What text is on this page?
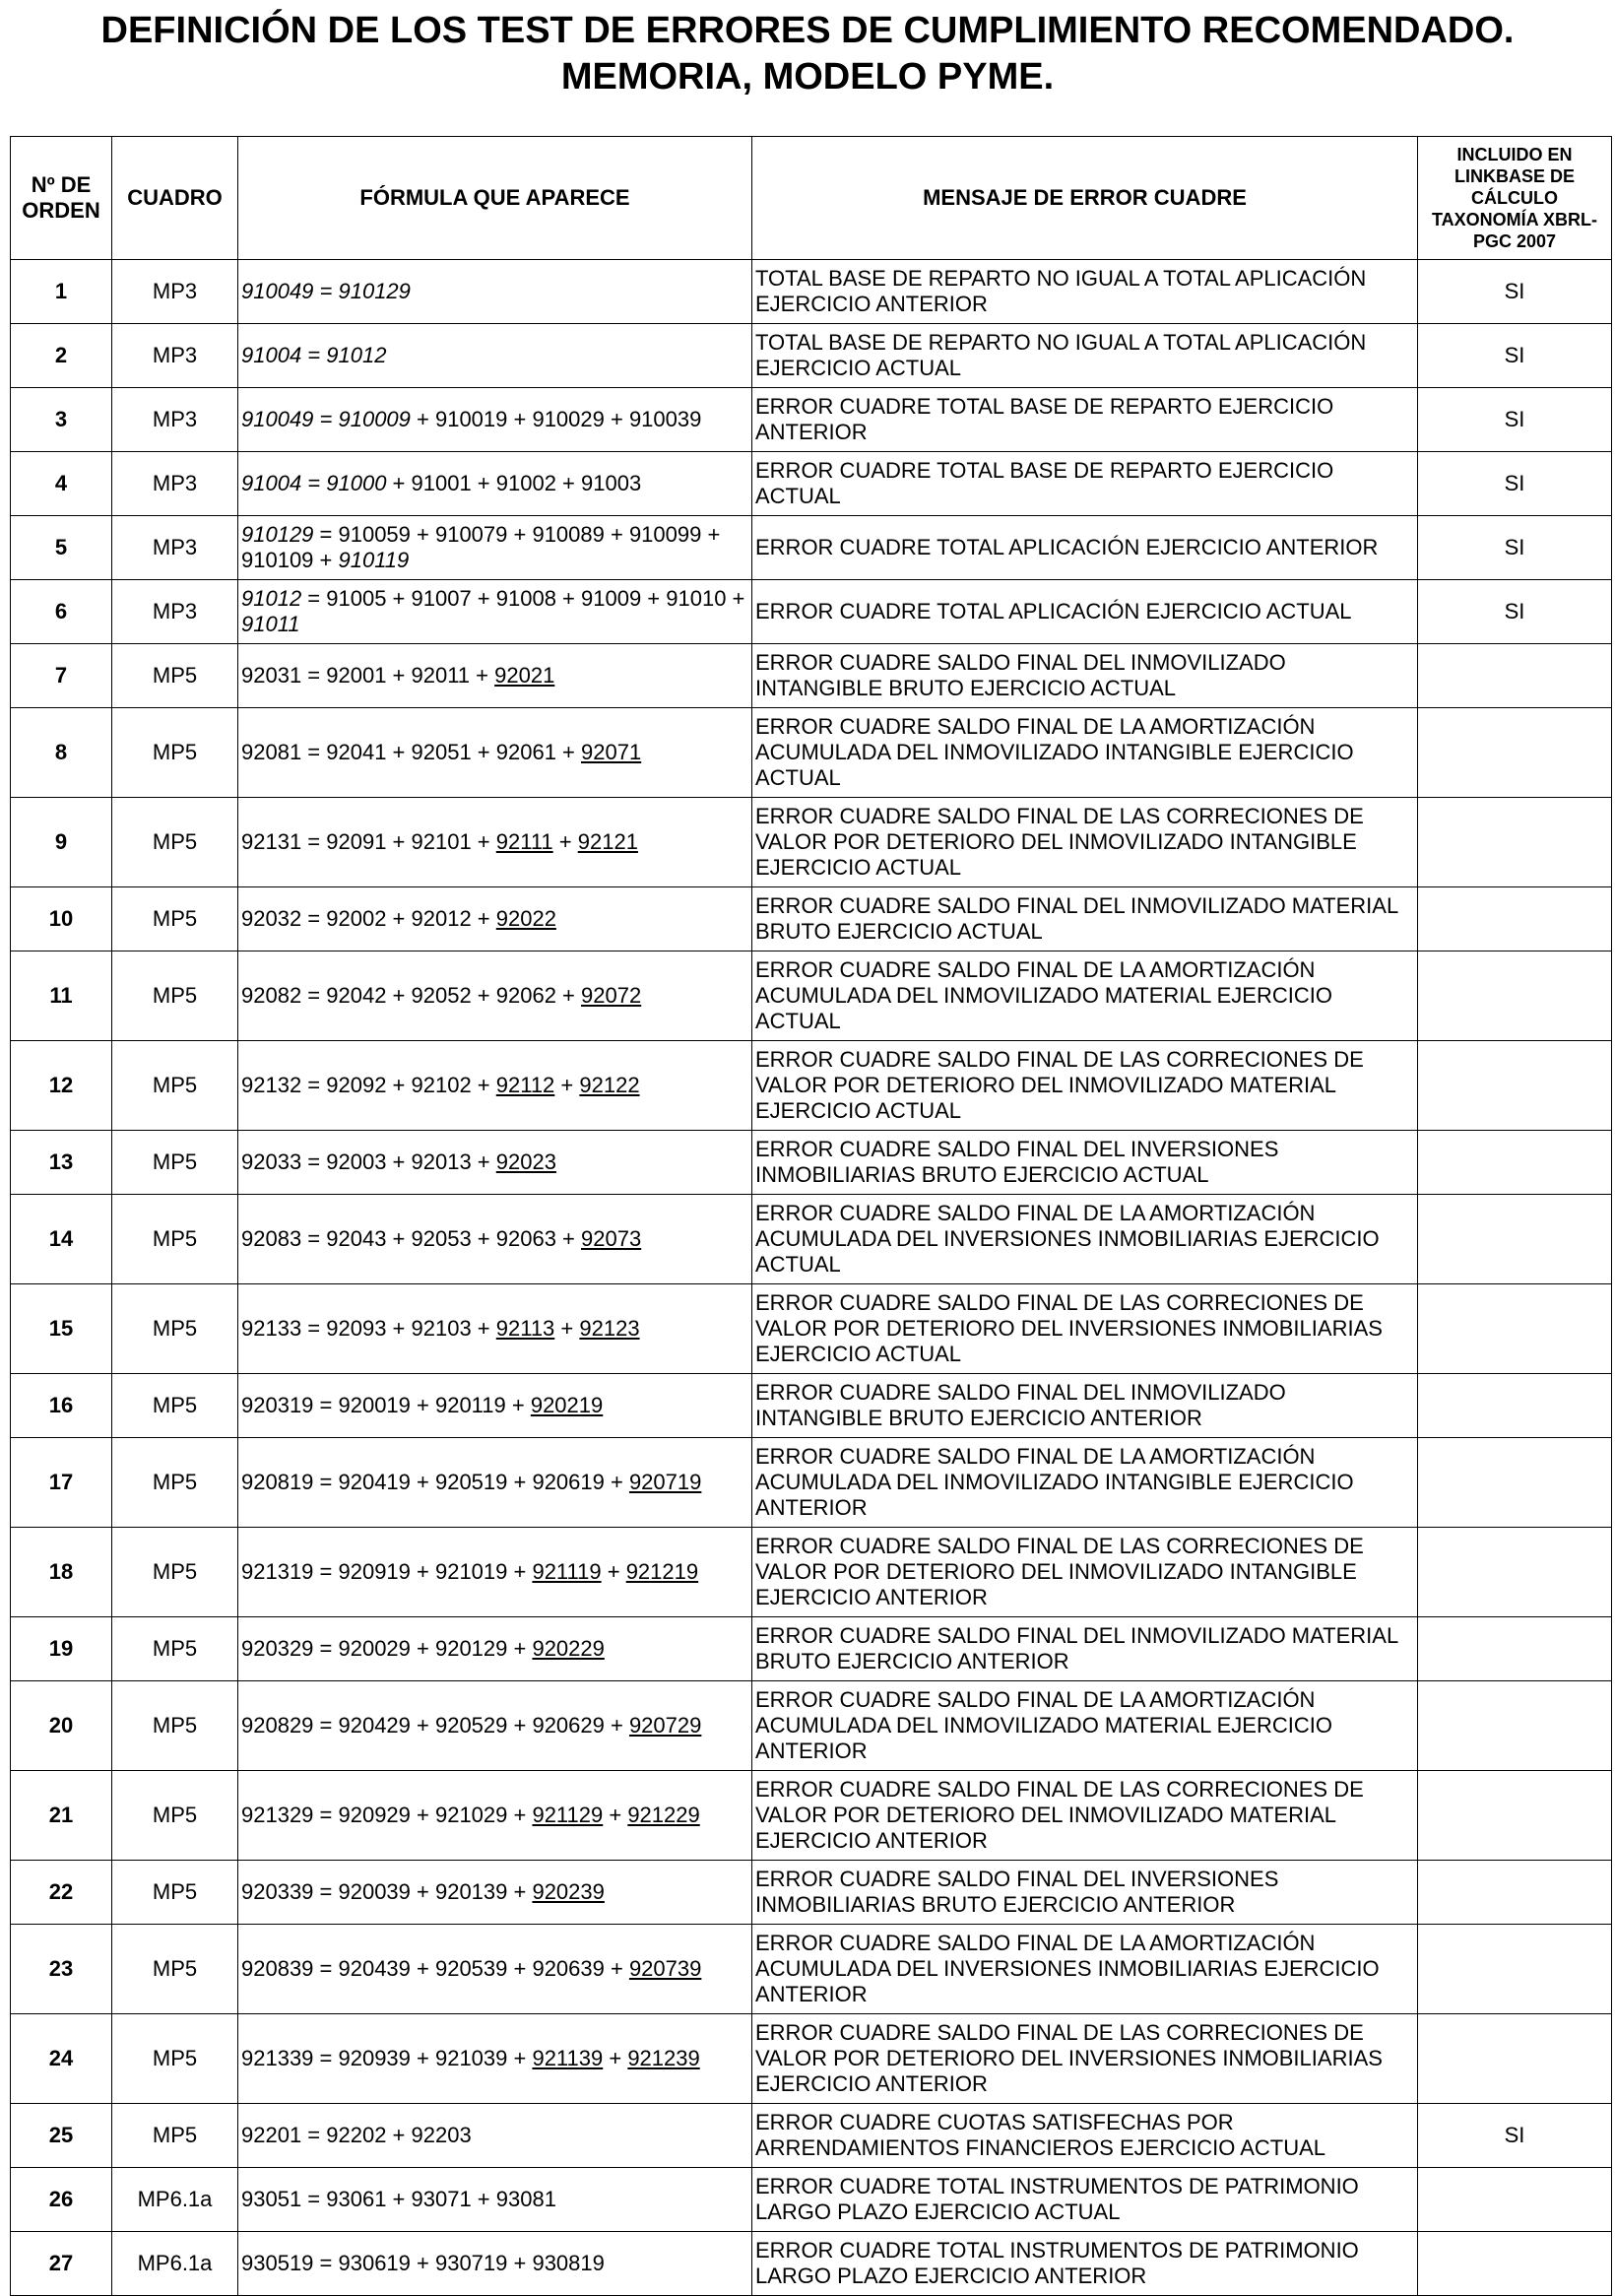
DEFINICIÓN DE LOS TEST DE ERRORES DE CUMPLIMIENTO RECOMENDADO.
MEMORIA, MODELO PYME.
Nº DE ORDEN	CUADRO	FÓRMULA QUE APARECE	MENSAJE DE ERROR CUADRE	INCLUIDO EN LINKBASE DE CÁLCULO TAXONOMÍA XBRL-PGC 2007
1	MP3	910049 = 910129	TOTAL BASE DE REPARTO NO IGUAL A TOTAL APLICACIÓN EJERCICIO ANTERIOR	SI
2	MP3	91004 = 91012	TOTAL BASE DE REPARTO NO IGUAL A TOTAL APLICACIÓN EJERCICIO ACTUAL	SI
3	MP3	910049 = 910009 + 910019 + 910029 + 910039	ERROR CUADRE TOTAL BASE DE REPARTO EJERCICIO ANTERIOR	SI
4	MP3	91004 = 91000 + 91001 + 91002 + 91003	ERROR CUADRE TOTAL BASE DE REPARTO EJERCICIO ACTUAL	SI
5	MP3	910129 = 910059 + 910079 + 910089 + 910099 + 910109 + 910119	ERROR CUADRE TOTAL APLICACIÓN EJERCICIO ANTERIOR	SI
6	MP3	91012 = 91005 + 91007 + 91008 + 91009 + 91010 + 91011	ERROR CUADRE TOTAL APLICACIÓN EJERCICIO ACTUAL	SI
7	MP5	92031 = 92001 + 92011 + 92021	ERROR CUADRE SALDO FINAL DEL INMOVILIZADO INTANGIBLE BRUTO EJERCICIO ACTUAL	
8	MP5	92081 = 92041 + 92051 + 92061 + 92071	ERROR CUADRE SALDO FINAL DE LA AMORTIZACIÓN ACUMULADA DEL INMOVILIZADO INTANGIBLE EJERCICIO ACTUAL	
9	MP5	92131 = 92091 + 92101 + 92111 + 92121	ERROR CUADRE SALDO FINAL DE LAS CORRECIONES DE VALOR POR DETERIORO DEL INMOVILIZADO INTANGIBLE EJERCICIO ACTUAL	
10	MP5	92032 = 92002 + 92012 + 92022	ERROR CUADRE SALDO FINAL DEL INMOVILIZADO MATERIAL BRUTO EJERCICIO ACTUAL	
11	MP5	92082 = 92042 + 92052 + 92062 + 92072	ERROR CUADRE SALDO FINAL DE LA AMORTIZACIÓN ACUMULADA DEL INMOVILIZADO MATERIAL EJERCICIO ACTUAL	
12	MP5	92132 = 92092 + 92102 + 92112 + 92122	ERROR CUADRE SALDO FINAL DE LAS CORRECIONES DE VALOR POR DETERIORO DEL INMOVILIZADO MATERIAL EJERCICIO ACTUAL	
13	MP5	92033 = 92003 + 92013 + 92023	ERROR CUADRE SALDO FINAL DEL INVERSIONES INMOBILIARIAS BRUTO EJERCICIO ACTUAL	
14	MP5	92083 = 92043 + 92053 + 92063 + 92073	ERROR CUADRE SALDO FINAL DE LA AMORTIZACIÓN ACUMULADA DEL INVERSIONES INMOBILIARIAS EJERCICIO ACTUAL	
15	MP5	92133 = 92093 + 92103 + 92113 + 92123	ERROR CUADRE SALDO FINAL DE LAS CORRECIONES DE VALOR POR DETERIORO DEL INVERSIONES INMOBILIARIAS EJERCICIO ACTUAL	
16	MP5	920319 = 920019 + 920119 + 920219	ERROR CUADRE SALDO FINAL DEL INMOVILIZADO INTANGIBLE BRUTO EJERCICIO ANTERIOR	
17	MP5	920819 = 920419 + 920519 + 920619 + 920719	ERROR CUADRE SALDO FINAL DE LA AMORTIZACIÓN ACUMULADA DEL INMOVILIZADO INTANGIBLE EJERCICIO ANTERIOR	
18	MP5	921319 = 920919 + 921019 + 921119 + 921219	ERROR CUADRE SALDO FINAL DE LAS CORRECIONES DE VALOR POR DETERIORO DEL INMOVILIZADO INTANGIBLE EJERCICIO ANTERIOR	
19	MP5	920329 = 920029 + 920129 + 920229	ERROR CUADRE SALDO FINAL DEL INMOVILIZADO MATERIAL BRUTO EJERCICIO ANTERIOR	
20	MP5	920829 = 920429 + 920529 + 920629 + 920729	ERROR CUADRE SALDO FINAL DE LA AMORTIZACIÓN ACUMULADA DEL INMOVILIZADO MATERIAL EJERCICIO ANTERIOR	
21	MP5	921329 = 920929 + 921029 + 921129 + 921229	ERROR CUADRE SALDO FINAL DE LAS CORRECIONES DE VALOR POR DETERIORO DEL INMOVILIZADO MATERIAL EJERCICIO ANTERIOR	
22	MP5	920339 = 920039 + 920139 + 920239	ERROR CUADRE SALDO FINAL DEL INVERSIONES INMOBILIARIAS BRUTO EJERCICIO ANTERIOR	
23	MP5	920839 = 920439 + 920539 + 920639 + 920739	ERROR CUADRE SALDO FINAL DE LA AMORTIZACIÓN ACUMULADA DEL INVERSIONES INMOBILIARIAS EJERCICIO ANTERIOR	
24	MP5	921339 = 920939 + 921039 + 921139 + 921239	ERROR CUADRE SALDO FINAL DE LAS CORRECIONES DE VALOR POR DETERIORO DEL INVERSIONES INMOBILIARIAS EJERCICIO ANTERIOR	
25	MP5	92201 = 92202 + 92203	ERROR CUADRE CUOTAS SATISFECHAS POR ARRENDAMIENTOS FINANCIEROS EJERCICIO ACTUAL	SI
26	MP6.1a	93051 = 93061 + 93071 + 93081	ERROR CUADRE TOTAL INSTRUMENTOS DE PATRIMONIO LARGO PLAZO EJERCICIO ACTUAL	
27	MP6.1a	930519 = 930619 + 930719 + 930819	ERROR CUADRE TOTAL INSTRUMENTOS DE PATRIMONIO LARGO PLAZO EJERCICIO ANTERIOR	
